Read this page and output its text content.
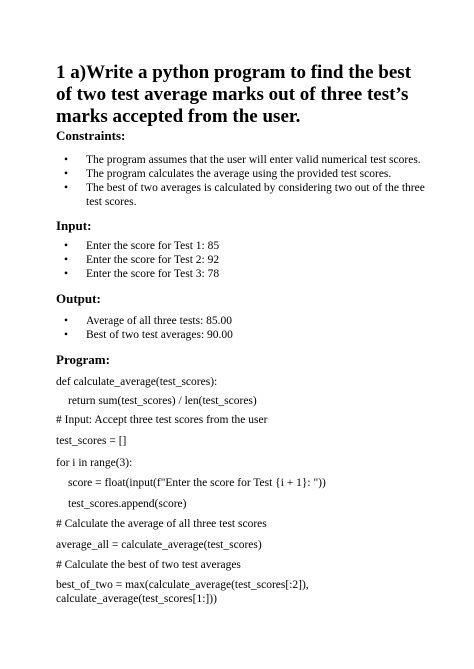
1 a)Write a python program to find the best of two test average marks out of three test’s marks accepted from the user.
Constraints:
• The program assumes that the user will enter valid numerical test scores.
• The program calculates the average using the provided test scores.
• The best of two averages is calculated by considering two out of the three test scores.
Input:
• Enter the score for Test 1: 85
• Enter the score for Test 2: 92
• Enter the score for Test 3: 78
Output:
• Average of all three tests: 85.00
• Best of two test averages: 90.00
Program:
def calculate_average(test_scores):
return sum(test_scores) / len(test_scores)
# Input: Accept three test scores from the user
test_scores = []
for i in range(3):
score = float(input(f"Enter the score for Test {i + 1}: "))
test_scores.append(score)
# Calculate the average of all three test scores
average_all = calculate_average(test_scores)
# Calculate the best of two test averages
best_of_two = max(calculate_average(test_scores[:2]), calculate_average(test_scores[1:]))
